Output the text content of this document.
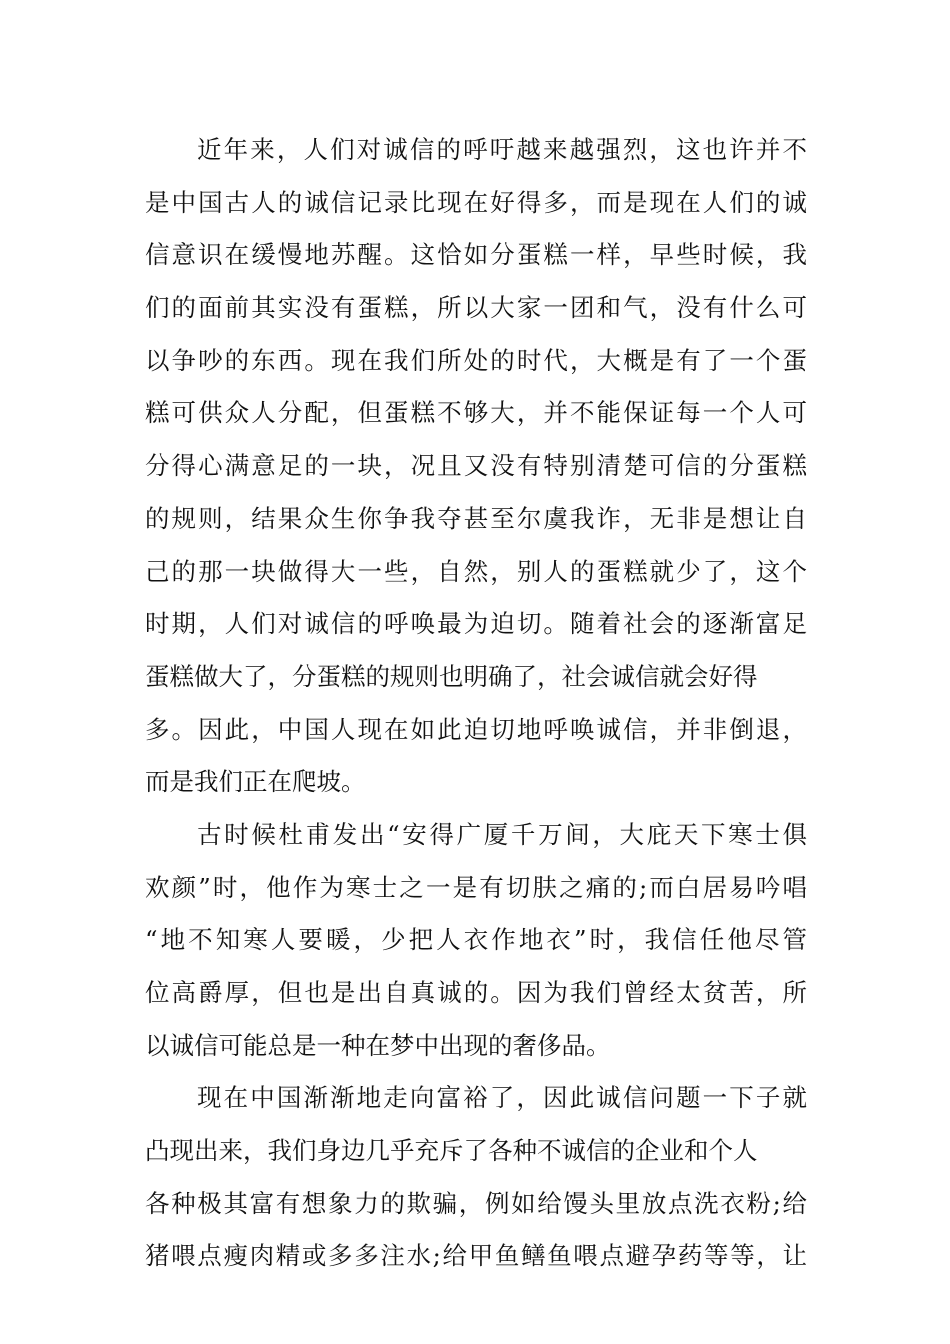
近年来，人们对诚信的呼吁越来越强烈，这也许并不
是中国古人的诚信记录比现在好得多，而是现在人们的诚
信意识在缓慢地苏醒。这恰如分蛋糕一样，早些时候，我
们的面前其实没有蛋糕，所以大家一团和气，没有什么可
以争吵的东西。现在我们所处的时代，大概是有了一个蛋
糕可供众人分配，但蛋糕不够大，并不能保证每一个人可
分得心满意足的一块，况且又没有特别清楚可信的分蛋糕
的规则，结果众生你争我夺甚至尔虞我诈，无非是想让自
己的那一块做得大一些，自然，别人的蛋糕就少了，这个
时期，人们对诚信的呼唤最为迫切。随着社会的逐渐富足
蛋糕做大了，分蛋糕的规则也明确了，社会诚信就会好得
多。因此，中国人现在如此迫切地呼唤诚信，并非倒退，
而是我们正在爬坡。
古时候杜甫发出“安得广厦千万间，大庇天下寒士俱
欢颜”时，他作为寒士之一是有切肤之痛的;而白居易吟唱
“地不知寒人要暖，少把人衣作地衣”时，我信任他尽管
位高爵厚，但也是出自真诚的。因为我们曾经太贫苦，所
以诚信可能总是一种在梦中出现的奢侈品。
现在中国渐渐地走向富裕了，因此诚信问题一下子就
凸现出来，我们身边几乎充斥了各种不诚信的企业和个人
各种极其富有想象力的欺骗，例如给馒头里放点洗衣粉;给
猪喂点瘦肉精或多多注水;给甲鱼鳝鱼喂点避孕药等等，让
